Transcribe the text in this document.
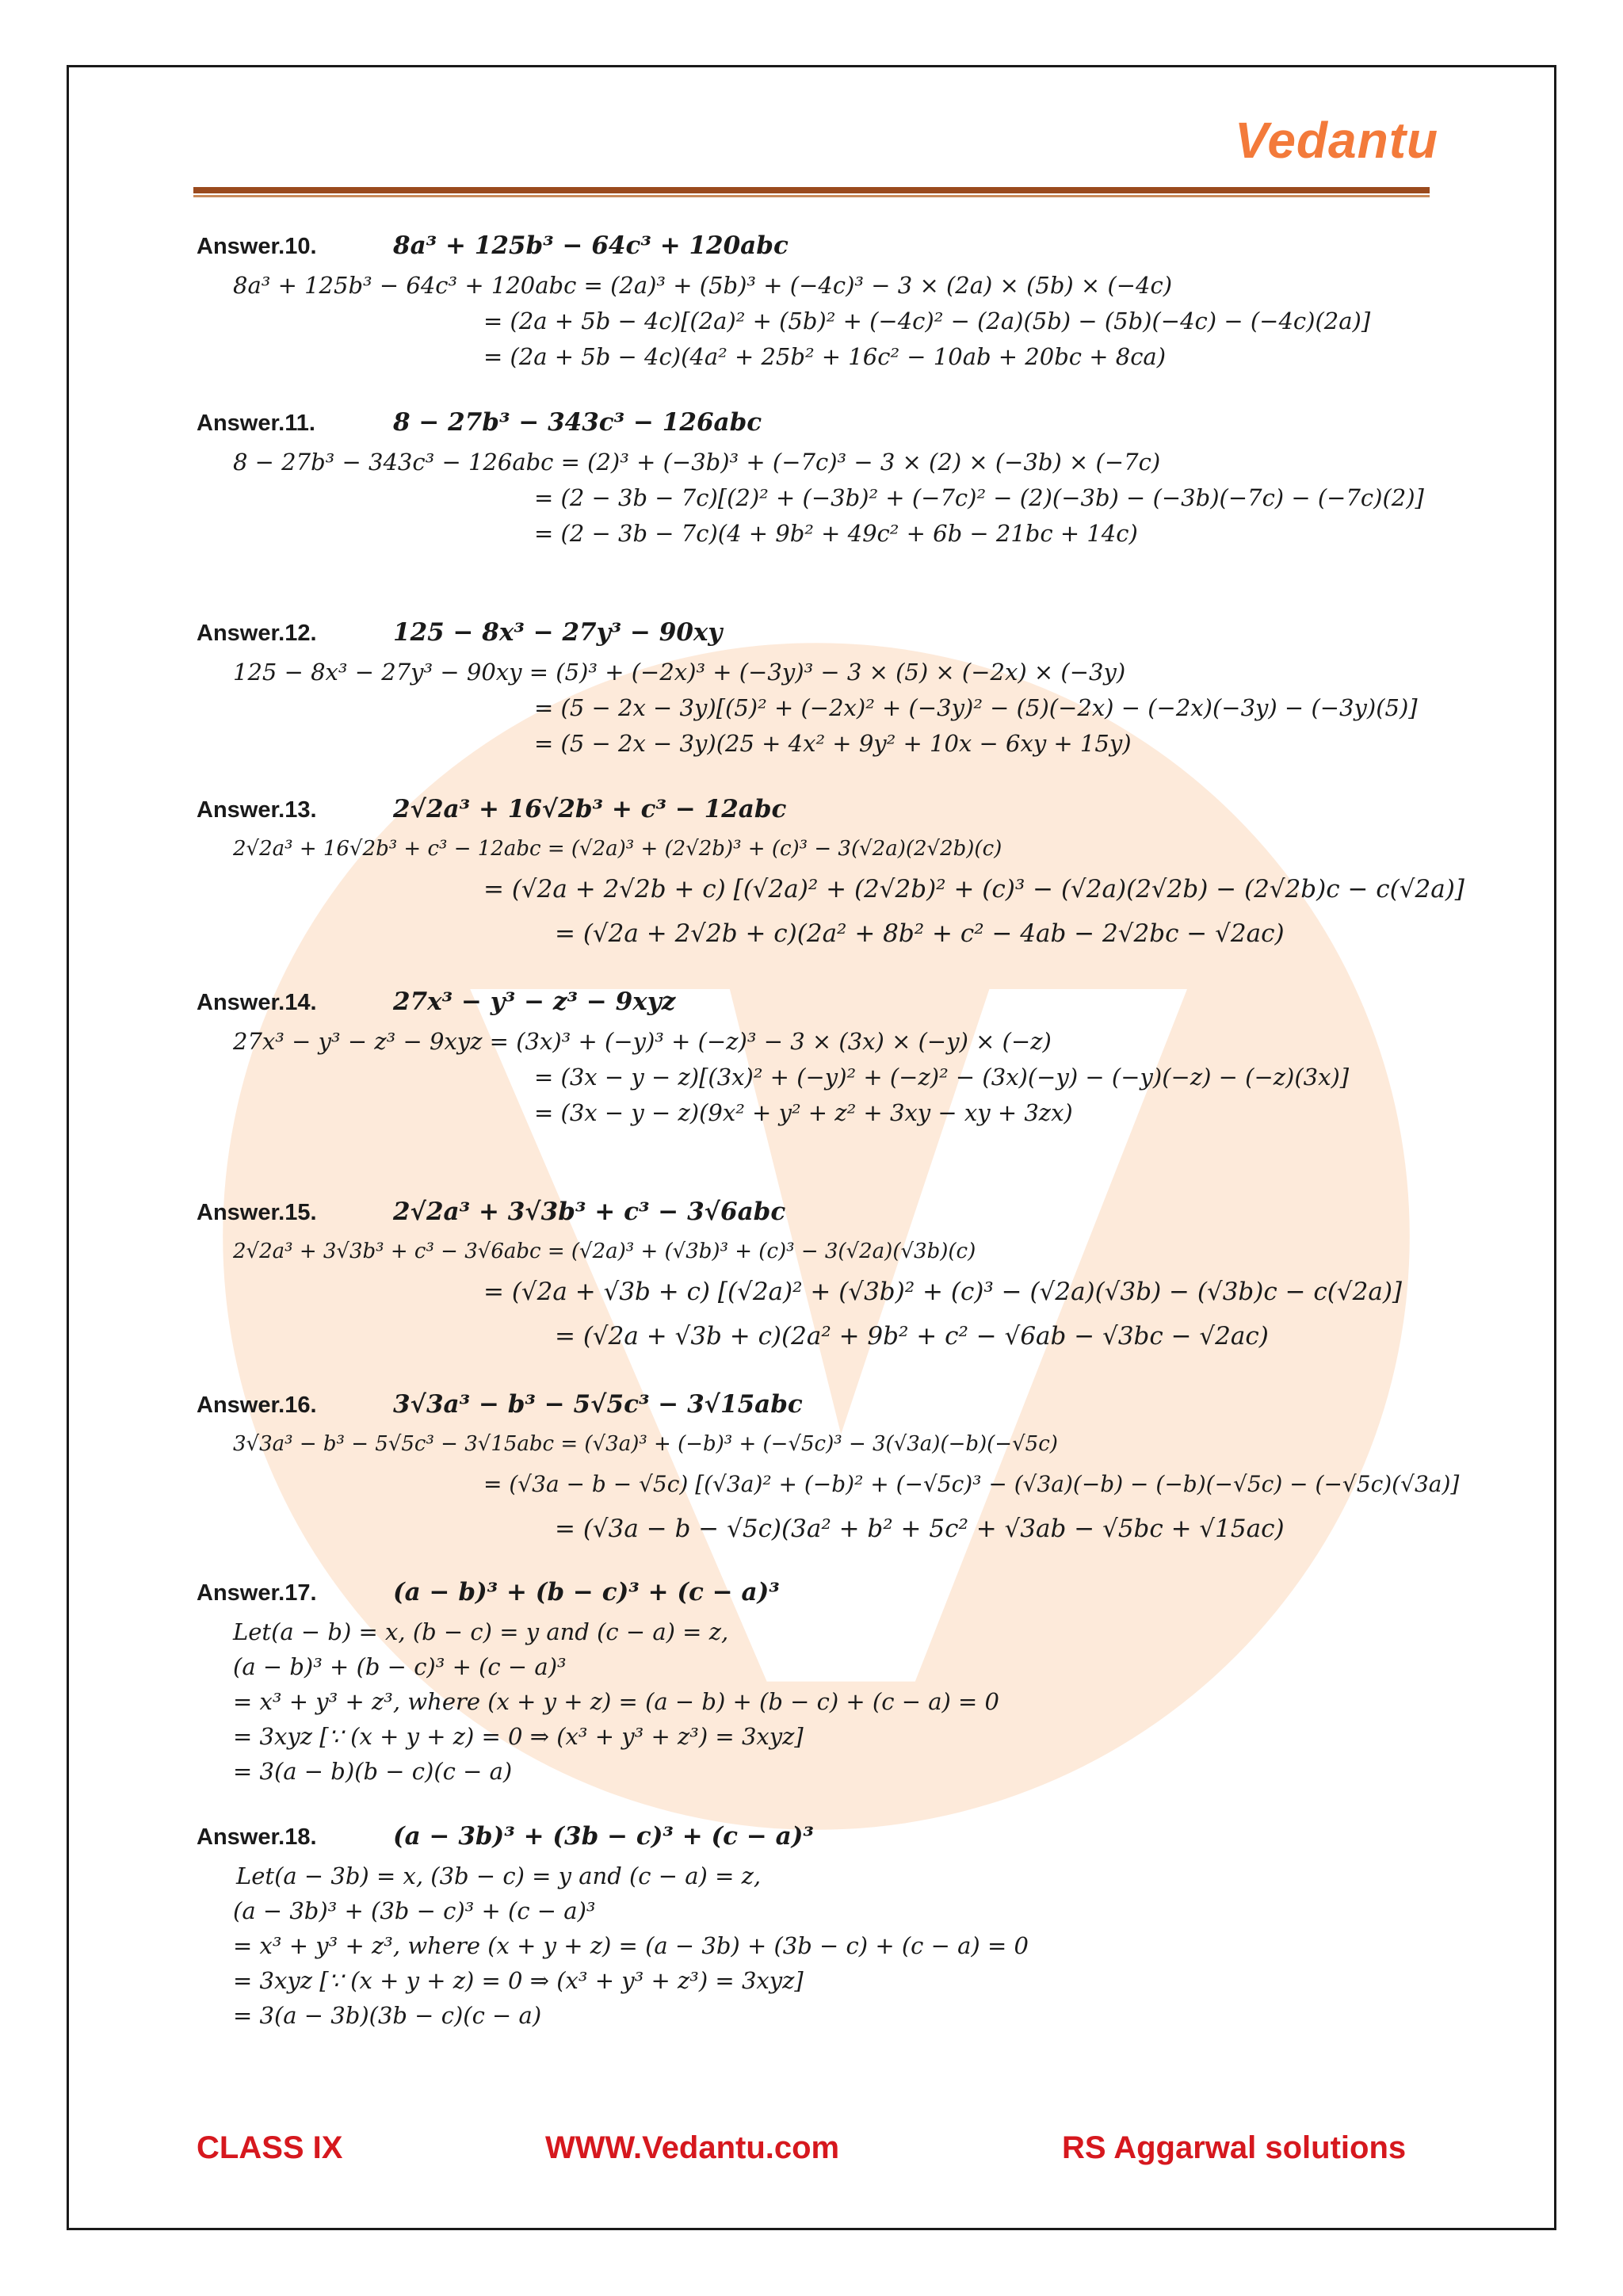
Vedantu
Answer.10.	8a³ + 125b³ − 64c³ + 120abc
8a³ + 125b³ − 64c³ + 120abc = (2a)³ + (5b)³ + (−4c)³ − 3 × (2a) × (5b) × (−4c)
= (2a + 5b − 4c)[(2a)² + (5b)² + (−4c)² − (2a)(5b) − (5b)(−4c) − (−4c)(2a)]
= (2a + 5b − 4c)(4a² + 25b² + 16c² − 10ab + 20bc + 8ca)
Answer.11.	8 − 27b³ − 343c³ − 126abc
8 − 27b³ − 343c³ − 126abc = (2)³ + (−3b)³ + (−7c)³ − 3 × (2) × (−3b) × (−7c)
= (2 − 3b − 7c)[(2)² + (−3b)² + (−7c)² − (2)(−3b) − (−3b)(−7c) − (−7c)(2)]
= (2 − 3b − 7c)(4 + 9b² + 49c² + 6b − 21bc + 14c)
Answer.12.	125 − 8x³ − 27y³ − 90xy
125 − 8x³ − 27y³ − 90xy = (5)³ + (−2x)³ + (−3y)³ − 3 × (5) × (−2x) × (−3y)
= (5 − 2x − 3y)[(5)² + (−2x)² + (−3y)² − (5)(−2x) − (−2x)(−3y) − (−3y)(5)]
= (5 − 2x − 3y)(25 + 4x² + 9y² + 10x − 6xy + 15y)
Answer.13.	2√2a³ + 16√2b³ + c³ − 12abc
2√2a³ + 16√2b³ + c³ − 12abc = (√2a)³ + (2√2b)³ + (c)³ − 3(√2a)(2√2b)(c)
= (√2a + 2√2b + c) [(√2a)² + (2√2b)² + (c)³ − (√2a)(2√2b) − (2√2b)c − c(√2a)]
= (√2a + 2√2b + c)(2a² + 8b² + c² − 4ab − 2√2bc − √2ac)
Answer.14.	27x³ − y³ − z³ − 9xyz
27x³ − y³ − z³ − 9xyz = (3x)³ + (−y)³ + (−z)³ − 3 × (3x) × (−y) × (−z)
= (3x − y − z)[(3x)² + (−y)² + (−z)² − (3x)(−y) − (−y)(−z) − (−z)(3x)]
= (3x − y − z)(9x² + y² + z² + 3xy − xy + 3zx)
Answer.15.	2√2a³ + 3√3b³ + c³ − 3√6abc
2√2a³ + 3√3b³ + c³ − 3√6abc = (√2a)³ + (√3b)³ + (c)³ − 3(√2a)(√3b)(c)
= (√2a + √3b + c) [(√2a)² + (√3b)² + (c)³ − (√2a)(√3b) − (√3b)c − c(√2a)]
= (√2a + √3b + c)(2a² + 9b² + c² − √6ab − √3bc − √2ac)
Answer.16.	3√3a³ − b³ − 5√5c³ − 3√15abc
3√3a³ − b³ − 5√5c³ − 3√15abc = (√3a)³ + (−b)³ + (−√5c)³ − 3(√3a)(−b)(−√5c)
= (√3a − b − √5c) [(√3a)² + (−b)² + (−√5c)³ − (√3a)(−b) − (−b)(−√5c) − (−√5c)(√3a)]
= (√3a − b − √5c)(3a² + b² + 5c² + √3ab − √5bc + √15ac)
Answer.17.	(a − b)³ + (b − c)³ + (c − a)³
Let(a − b) = x, (b − c) = y and (c − a) = z,
(a − b)³ + (b − c)³ + (c − a)³
= x³ + y³ + z³, where (x + y + z) = (a − b) + (b − c) + (c − a) = 0
= 3xyz [∵ (x + y + z) = 0 ⇒ (x³ + y³ + z³) = 3xyz]
= 3(a − b)(b − c)(c − a)
Answer.18.	(a − 3b)³ + (3b − c)³ + (c − a)³
Let(a − 3b) = x, (3b − c) = y and (c − a) = z,
(a − 3b)³ + (3b − c)³ + (c − a)³
= x³ + y³ + z³, where (x + y + z) = (a − 3b) + (3b − c) + (c − a) = 0
= 3xyz [∵ (x + y + z) = 0 ⇒ (x³ + y³ + z³) = 3xyz]
= 3(a − 3b)(3b − c)(c − a)
CLASS IX	WWW.Vedantu.com	RS Aggarwal solutions
